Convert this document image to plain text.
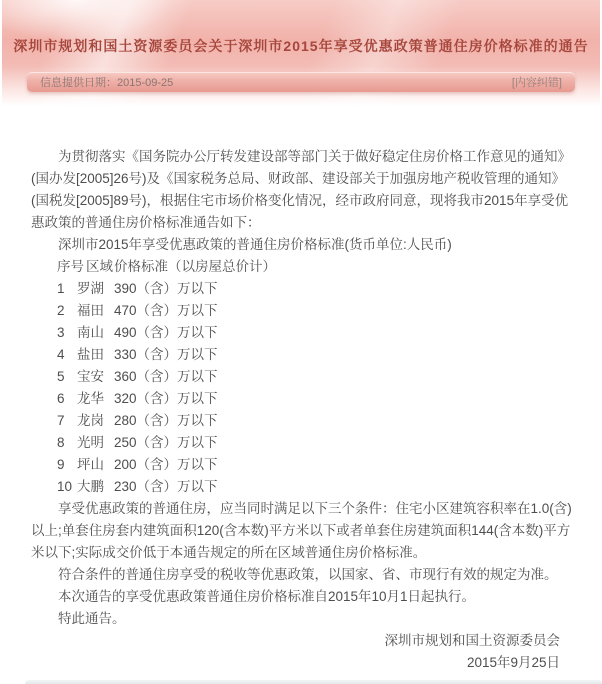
深圳市规划和国土资源委员会关于深圳市2015年享受优惠政策普通住房价格标准的通告
信息提供日期：2015-09-25	[内容纠错]

为贯彻落实《国务院办公厅转发建设部等部门关于做好稳定住房价格工作意见的通知》(国办发[2005]26号)及《国家税务总局、财政部、建设部关于加强房地产税收管理的通知》(国税发[2005]89号)，根据住宅市场价格变化情况，经市政府同意，现将我市2015年享受优惠政策的普通住房价格标准通告如下：

深圳市2015年享受优惠政策的普通住房价格标准(货币单位:人民币)

序号 区域 价格标准（以房屋总价计）
1 罗湖 390（含）万以下
2 福田 470（含）万以下
3 南山 490（含）万以下
4 盐田 330（含）万以下
5 宝安 360（含）万以下
6 龙华 320（含）万以下
7 龙岗 280（含）万以下
8 光明 250（含）万以下
9 坪山 200（含）万以下
10 大鹏 230（含）万以下

享受优惠政策的普通住房，应当同时满足以下三个条件：住宅小区建筑容积率在1.0(含)以上;单套住房套内建筑面积120(含本数)平方米以下或者单套住房建筑面积144(含本数)平方米以下;实际成交价低于本通告规定的所在区域普通住房价格标准。

符合条件的普通住房享受的税收等优惠政策，以国家、省、市现行有效的规定为准。

本次通告的享受优惠政策普通住房价格标准自2015年10月1日起执行。

特此通告。

深圳市规划和国土资源委员会
2015年9月25日
